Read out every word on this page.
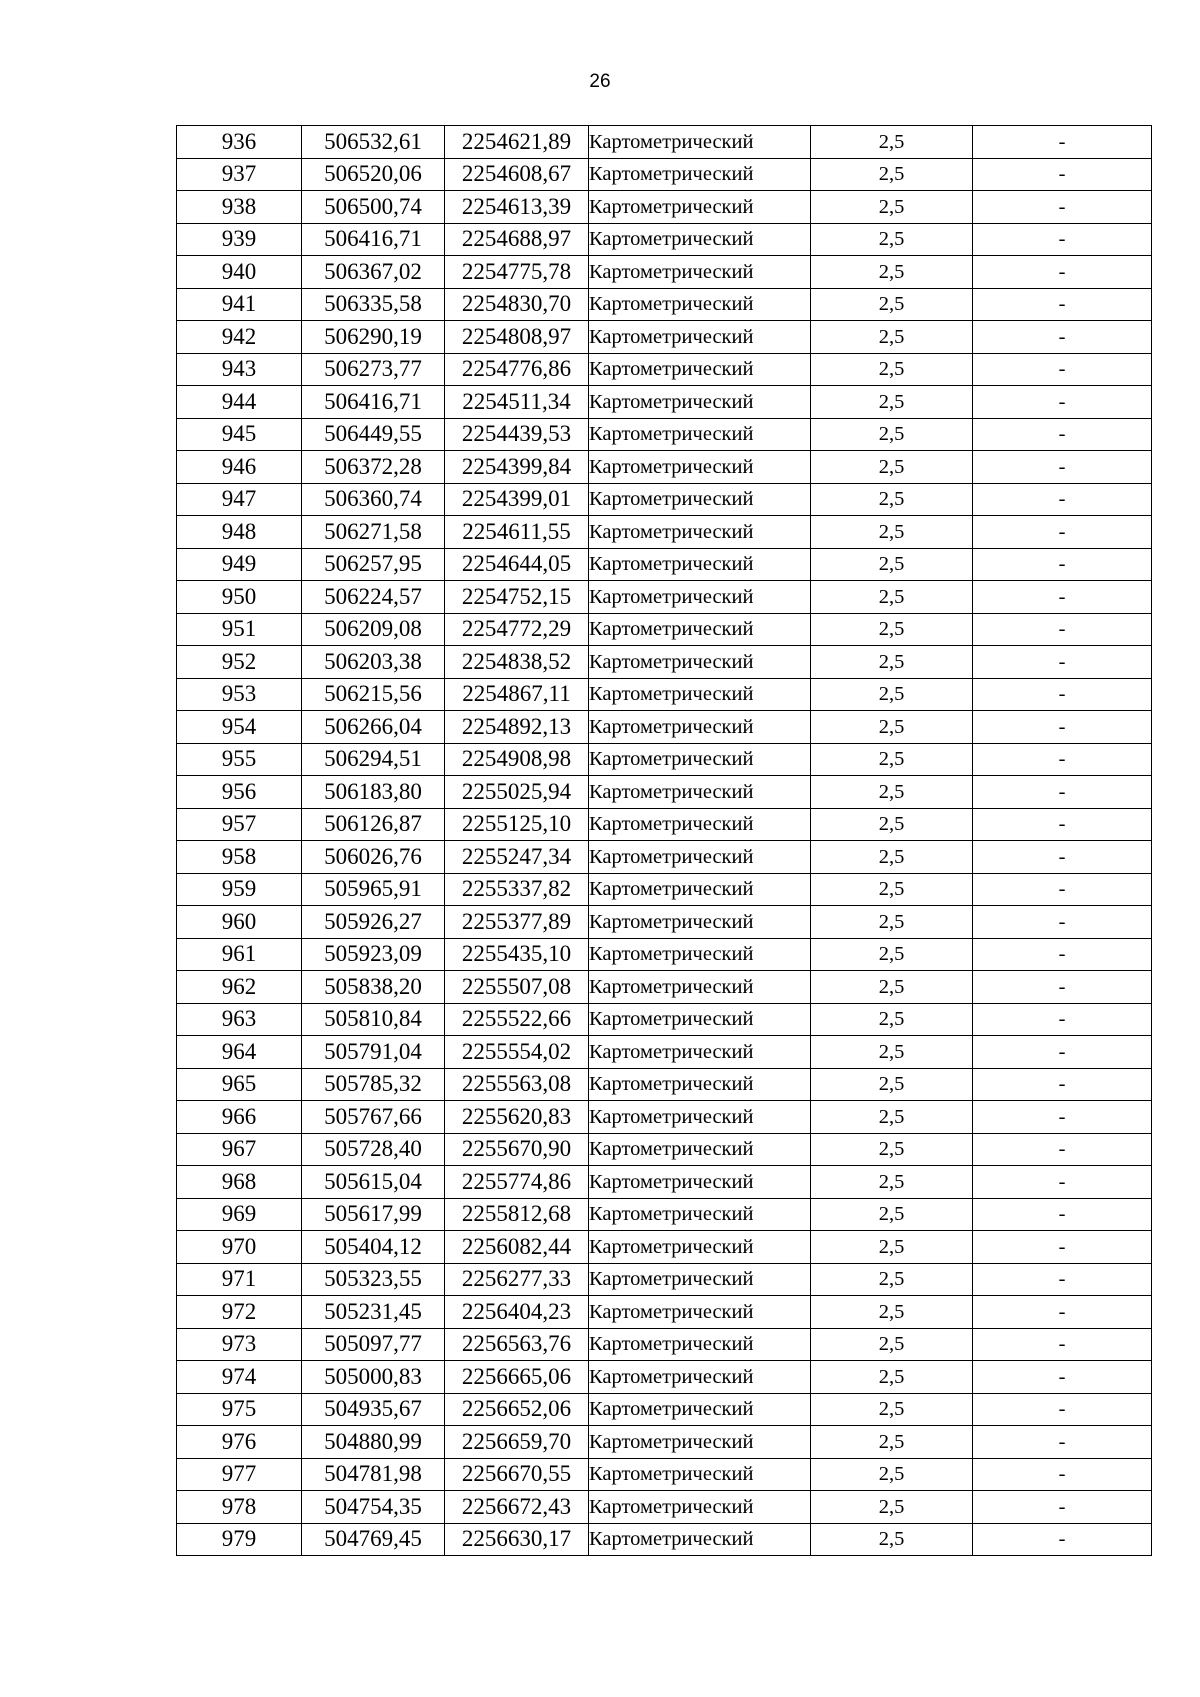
26
936	506532,61	2254621,89	Картометрический	2,5	-
937	506520,06	2254608,67	Картометрический	2,5	-
938	506500,74	2254613,39	Картометрический	2,5	-
939	506416,71	2254688,97	Картометрический	2,5	-
940	506367,02	2254775,78	Картометрический	2,5	-
941	506335,58	2254830,70	Картометрический	2,5	-
942	506290,19	2254808,97	Картометрический	2,5	-
943	506273,77	2254776,86	Картометрический	2,5	-
944	506416,71	2254511,34	Картометрический	2,5	-
945	506449,55	2254439,53	Картометрический	2,5	-
946	506372,28	2254399,84	Картометрический	2,5	-
947	506360,74	2254399,01	Картометрический	2,5	-
948	506271,58	2254611,55	Картометрический	2,5	-
949	506257,95	2254644,05	Картометрический	2,5	-
950	506224,57	2254752,15	Картометрический	2,5	-
951	506209,08	2254772,29	Картометрический	2,5	-
952	506203,38	2254838,52	Картометрический	2,5	-
953	506215,56	2254867,11	Картометрический	2,5	-
954	506266,04	2254892,13	Картометрический	2,5	-
955	506294,51	2254908,98	Картометрический	2,5	-
956	506183,80	2255025,94	Картометрический	2,5	-
957	506126,87	2255125,10	Картометрический	2,5	-
958	506026,76	2255247,34	Картометрический	2,5	-
959	505965,91	2255337,82	Картометрический	2,5	-
960	505926,27	2255377,89	Картометрический	2,5	-
961	505923,09	2255435,10	Картометрический	2,5	-
962	505838,20	2255507,08	Картометрический	2,5	-
963	505810,84	2255522,66	Картометрический	2,5	-
964	505791,04	2255554,02	Картометрический	2,5	-
965	505785,32	2255563,08	Картометрический	2,5	-
966	505767,66	2255620,83	Картометрический	2,5	-
967	505728,40	2255670,90	Картометрический	2,5	-
968	505615,04	2255774,86	Картометрический	2,5	-
969	505617,99	2255812,68	Картометрический	2,5	-
970	505404,12	2256082,44	Картометрический	2,5	-
971	505323,55	2256277,33	Картометрический	2,5	-
972	505231,45	2256404,23	Картометрический	2,5	-
973	505097,77	2256563,76	Картометрический	2,5	-
974	505000,83	2256665,06	Картометрический	2,5	-
975	504935,67	2256652,06	Картометрический	2,5	-
976	504880,99	2256659,70	Картометрический	2,5	-
977	504781,98	2256670,55	Картометрический	2,5	-
978	504754,35	2256672,43	Картометрический	2,5	-
979	504769,45	2256630,17	Картометрический	2,5	-
